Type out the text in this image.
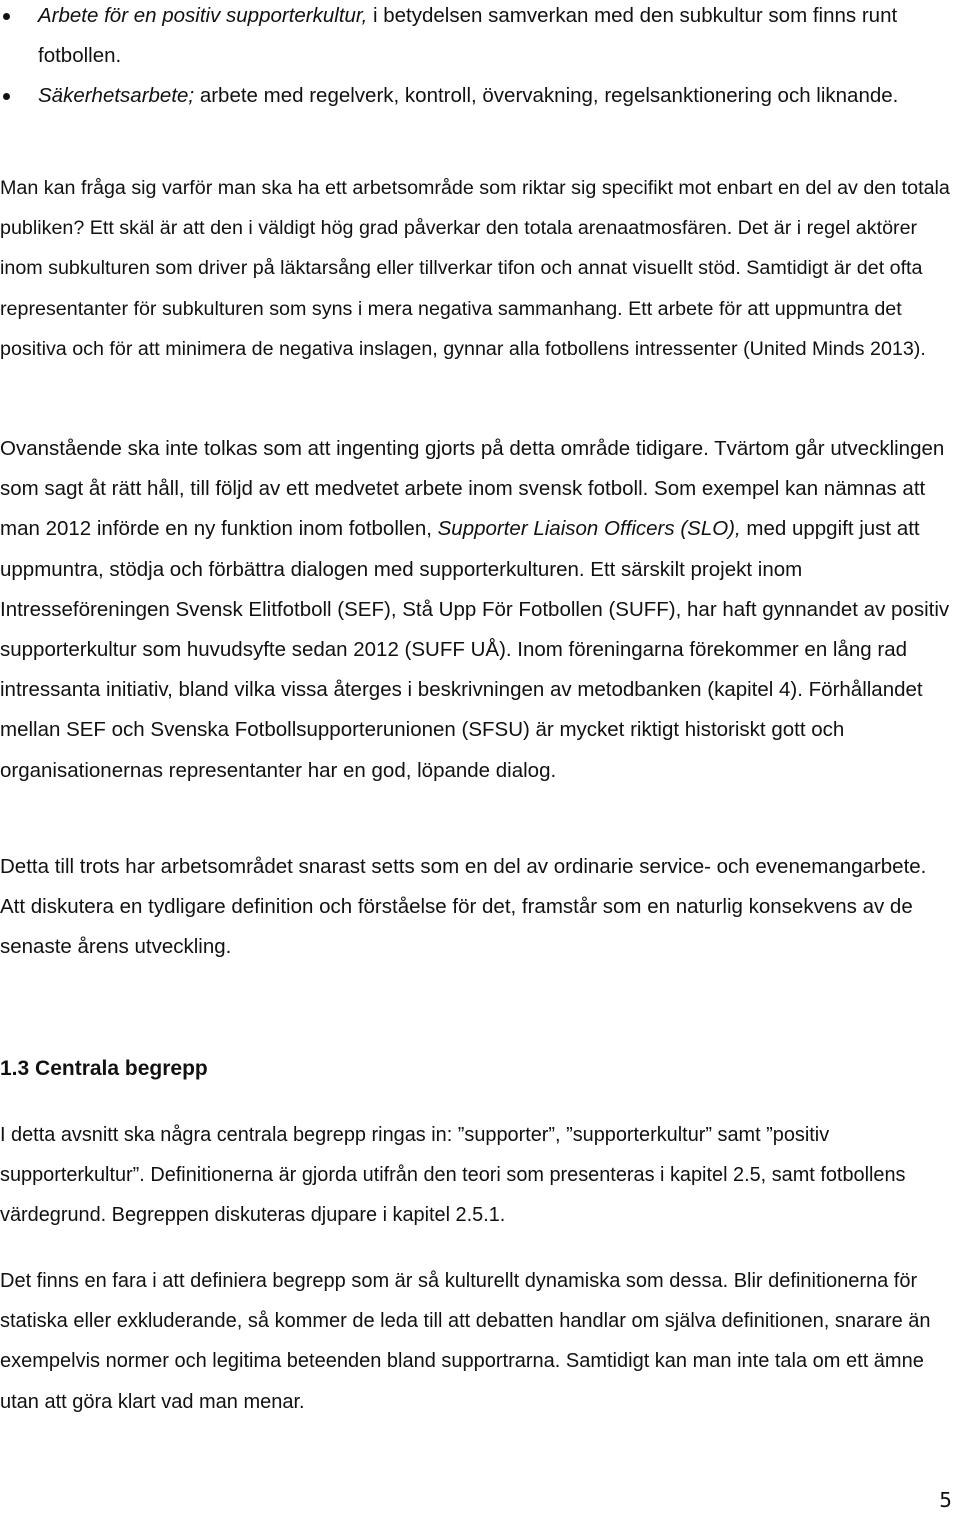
Arbete för en positiv supporterkultur, i betydelsen samverkan med den subkultur som finns runt fotbollen.
Säkerhetsarbete; arbete med regelverk, kontroll, övervakning, regelsanktionering och liknande.

Man kan fråga sig varför man ska ha ett arbetsområde som riktar sig specifikt mot enbart en del av den totala publiken? Ett skäl är att den i väldigt hög grad påverkar den totala arenaatmosfären. Det är i regel aktörer inom subkulturen som driver på läktarsång eller tillverkar tifon och annat visuellt stöd. Samtidigt är det ofta representanter för subkulturen som syns i mera negativa sammanhang. Ett arbete för att uppmuntra det positiva och för att minimera de negativa inslagen, gynnar alla fotbollens intressenter (United Minds 2013).

Ovanstående ska inte tolkas som att ingenting gjorts på detta område tidigare. Tvärtom går utvecklingen som sagt åt rätt håll, till följd av ett medvetet arbete inom svensk fotboll. Som exempel kan nämnas att man 2012 införde en ny funktion inom fotbollen, Supporter Liaison Officers (SLO), med uppgift just att uppmuntra, stödja och förbättra dialogen med supporterkulturen. Ett särskilt projekt inom Intresseföreningen Svensk Elitfotboll (SEF), Stå Upp För Fotbollen (SUFF), har haft gynnandet av positiv supporterkultur som huvudsyfte sedan 2012 (SUFF UÅ). Inom föreningarna förekommer en lång rad intressanta initiativ, bland vilka vissa återges i beskrivningen av metodbanken (kapitel 4). Förhållandet mellan SEF och Svenska Fotbollsupporterunionen (SFSU) är mycket riktigt historiskt gott och organisationernas representanter har en god, löpande dialog.

Detta till trots har arbetsområdet snarast setts som en del av ordinarie service- och evenemangarbete. Att diskutera en tydligare definition och förståelse för det, framstår som en naturlig konsekvens av de senaste årens utveckling.

1.3 Centrala begrepp

I detta avsnitt ska några centrala begrepp ringas in: ”supporter”, ”supporterkultur” samt ”positiv supporterkultur”. Definitionerna är gjorda utifrån den teori som presenteras i kapitel 2.5, samt fotbollens värdegrund. Begreppen diskuteras djupare i kapitel 2.5.1.

Det finns en fara i att definiera begrepp som är så kulturellt dynamiska som dessa. Blir definitionerna för statiska eller exkluderande, så kommer de leda till att debatten handlar om själva definitionen, snarare än exempelvis normer och legitima beteenden bland supportrarna. Samtidigt kan man inte tala om ett ämne utan att göra klart vad man menar.

5
